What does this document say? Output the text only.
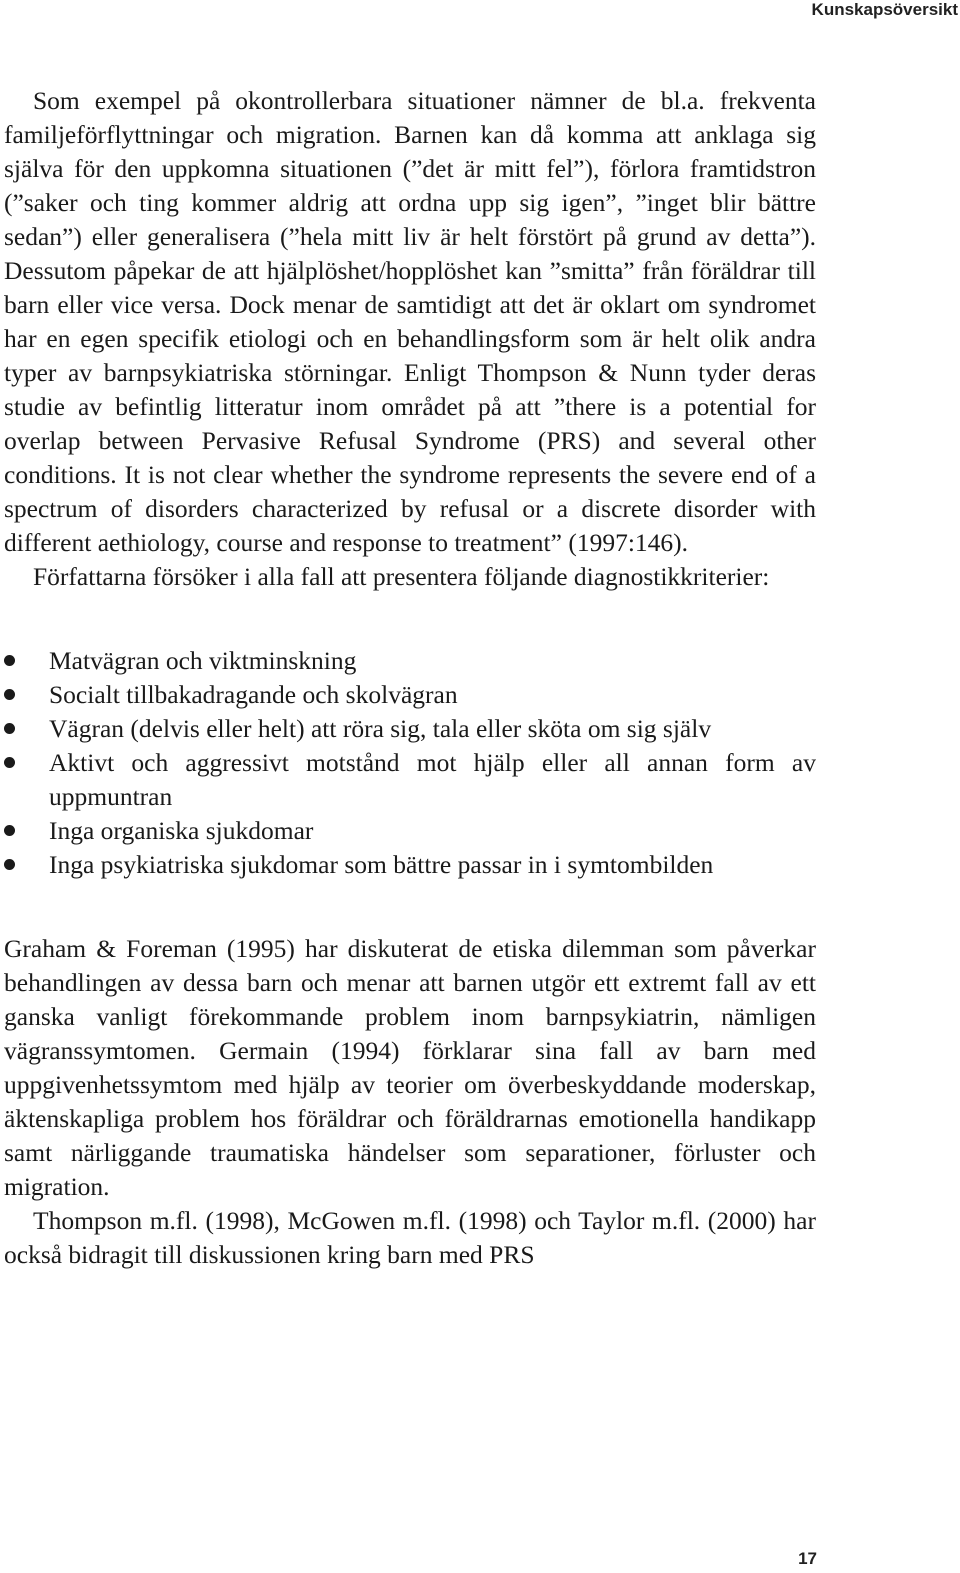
Kunskapsöversikt

Som exempel på okontrollerbara situationer nämner de bl.a. frekventa familjeförflyttningar och migration. Barnen kan då komma att anklaga sig själva för den uppkomna situationen (”det är mitt fel”), förlora framtidstron (”saker och ting kommer aldrig att ordna upp sig igen”, ”inget blir bättre sedan”) eller generalisera (”hela mitt liv är helt förstört på grund av detta”). Dessutom påpekar de att hjälplöshet/hopplöshet kan ”smitta” från föräldrar till barn eller vice versa. Dock menar de samtidigt att det är oklart om syndromet har en egen specifik etiologi och en behandlingsform som är helt olik andra typer av barnpsykiatriska störningar. Enligt Thompson & Nunn tyder deras studie av befintlig litteratur inom området på att ”there is a potential for overlap between Pervasive Refusal Syndrome (PRS) and several other conditions. It is not clear whether the syndrome represents the severe end of a spectrum of disorders characterized by refusal or a discrete disorder with different aethiology, course and response to treatment” (1997:146).

Författarna försöker i alla fall att presentera följande diagnostikkriterier:

Matvägran och viktminskning
Socialt tillbakadragande och skolvägran
Vägran (delvis eller helt) att röra sig, tala eller sköta om sig själv
Aktivt och aggressivt motstånd mot hjälp eller all annan form av uppmuntran
Inga organiska sjukdomar
Inga psykiatriska sjukdomar som bättre passar in i symtombilden

Graham & Foreman (1995) har diskuterat de etiska dilemman som påverkar behandlingen av dessa barn och menar att barnen utgör ett extremt fall av ett ganska vanligt förekommande problem inom barnpsykiatrin, nämligen vägranssymtomen. Germain (1994) förklarar sina fall av barn med uppgivenhetssymtom med hjälp av teorier om överbeskyddande moderskap, äktenskapliga problem hos föräldrar och föräldrarnas emotionella handikapp samt närliggande traumatiska händelser som separationer, förluster och migration.

Thompson m.fl. (1998), McGowen m.fl. (1998) och Taylor m.fl. (2000) har också bidragit till diskussionen kring barn med PRS

17
